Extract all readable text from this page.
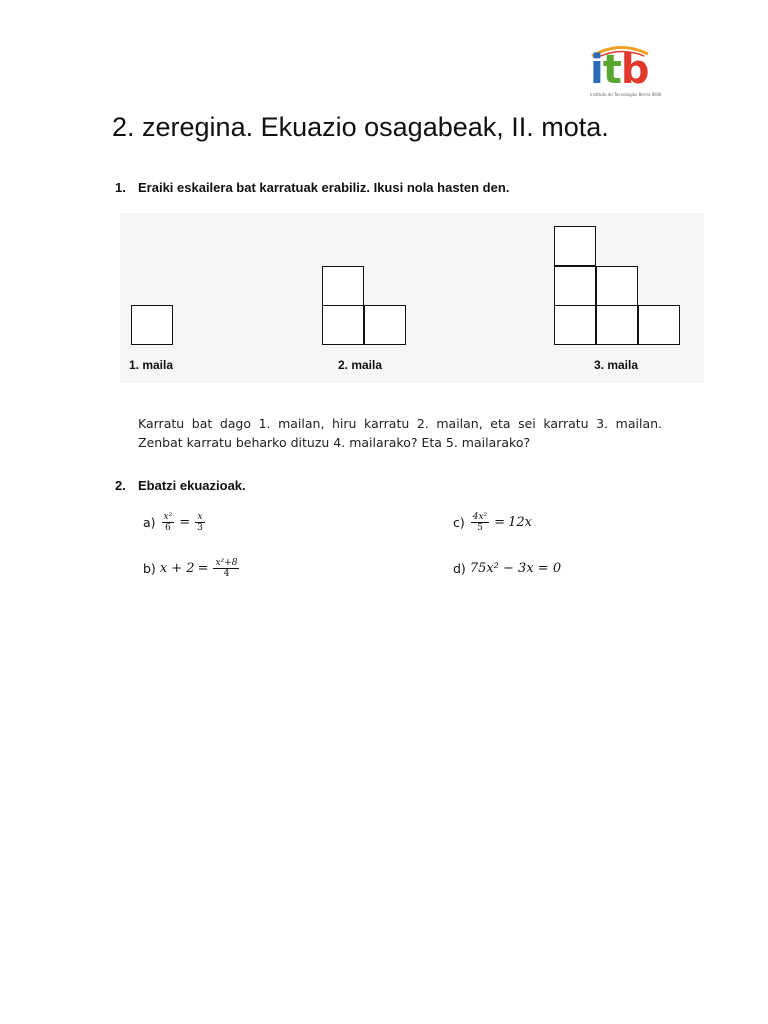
itb
Instituto de Tecnologías Berria IIIIIIII
2. zeregina. Ekuazio osagabeak, II. mota.
1. Eraiki eskailera bat karratuak erabiliz. Ikusi nola hasten den.
1. maila	2. maila	3. maila
Karratu bat dago 1. mailan, hiru karratu 2. mailan, eta sei karratu 3. mailan.
Zenbat karratu beharko dituzu 4. mailarako? Eta 5. mailarako?
2. Ebatzi ekuazioak.
$a) \frac{\text{x²}}{6} = \frac{x}{3}$
b) $x + 2 = \frac{\text{x²+8}}{4}$
$c) \frac{\text{4x²}}{5} = 12x$
d) 75x² − 3x = 0
